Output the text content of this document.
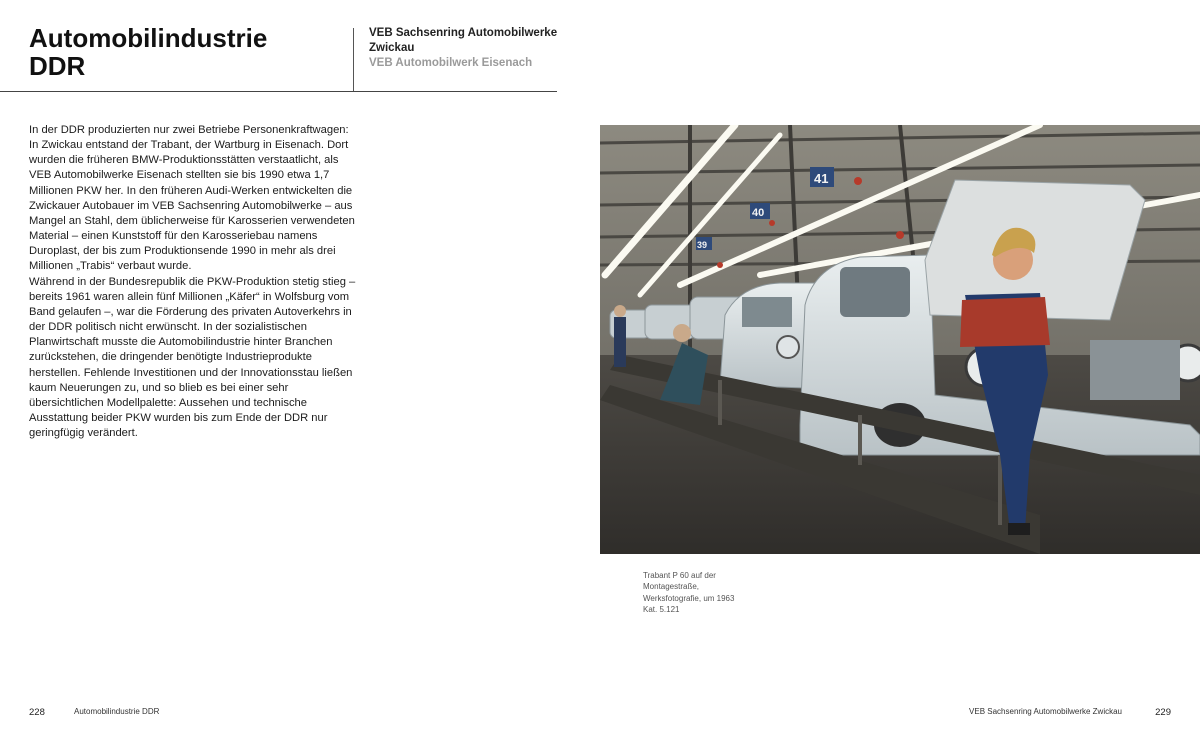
Automobilindustrie
DDR
VEB Sachsenring Automobilwerke
Zwickau
VEB Automobilwerk Eisenach

In der DDR produzierten nur zwei Betriebe Personenkraftwagen: In Zwickau entstand der Trabant, der Wartburg in Eisenach. Dort wurden die früheren BMW-Produktionsstätten verstaatlicht, als VEB Automobilwerke Eisenach stellten sie bis 1990 etwa 1,7 Millionen PKW her. In den früheren Audi-Werken entwickelten die Zwickauer Autobauer im VEB Sachsenring Automobilwerke – aus Mangel an Stahl, dem üblicherweise für Karosserien verwendeten Material – einen Kunststoff für den Karosseriebau namens Duroplast, der bis zum Produktionsende 1990 in mehr als drei Millionen „Trabis“ verbaut wurde.

Während in der Bundesrepublik die PKW-Produktion stetig stieg – bereits 1961 waren allein fünf Millionen „Käfer“ in Wolfsburg vom Band gelaufen –, war die Förderung des privaten Autoverkehrs in der DDR politisch nicht erwünscht. In der sozialistischen Planwirtschaft musste die Automobilindustrie hinter Branchen zurückstehen, die dringender benötigte Industrieprodukte herstellen. Fehlende Investitionen und der Innovationsstau ließen kaum Neuerungen zu, und so blieb es bei einer sehr übersichtlichen Modellpalette: Aussehen und technische Ausstattung beider PKW wurden bis zum Ende der DDR nur geringfügig verändert.

41
40
39
Trabant P 60 auf der
Montagestraße,
Werksfotografie, um 1963
Kat. 5.121
228	Automobilindustrie DDR	VEB Sachsenring Automobilwerke Zwickau	229
